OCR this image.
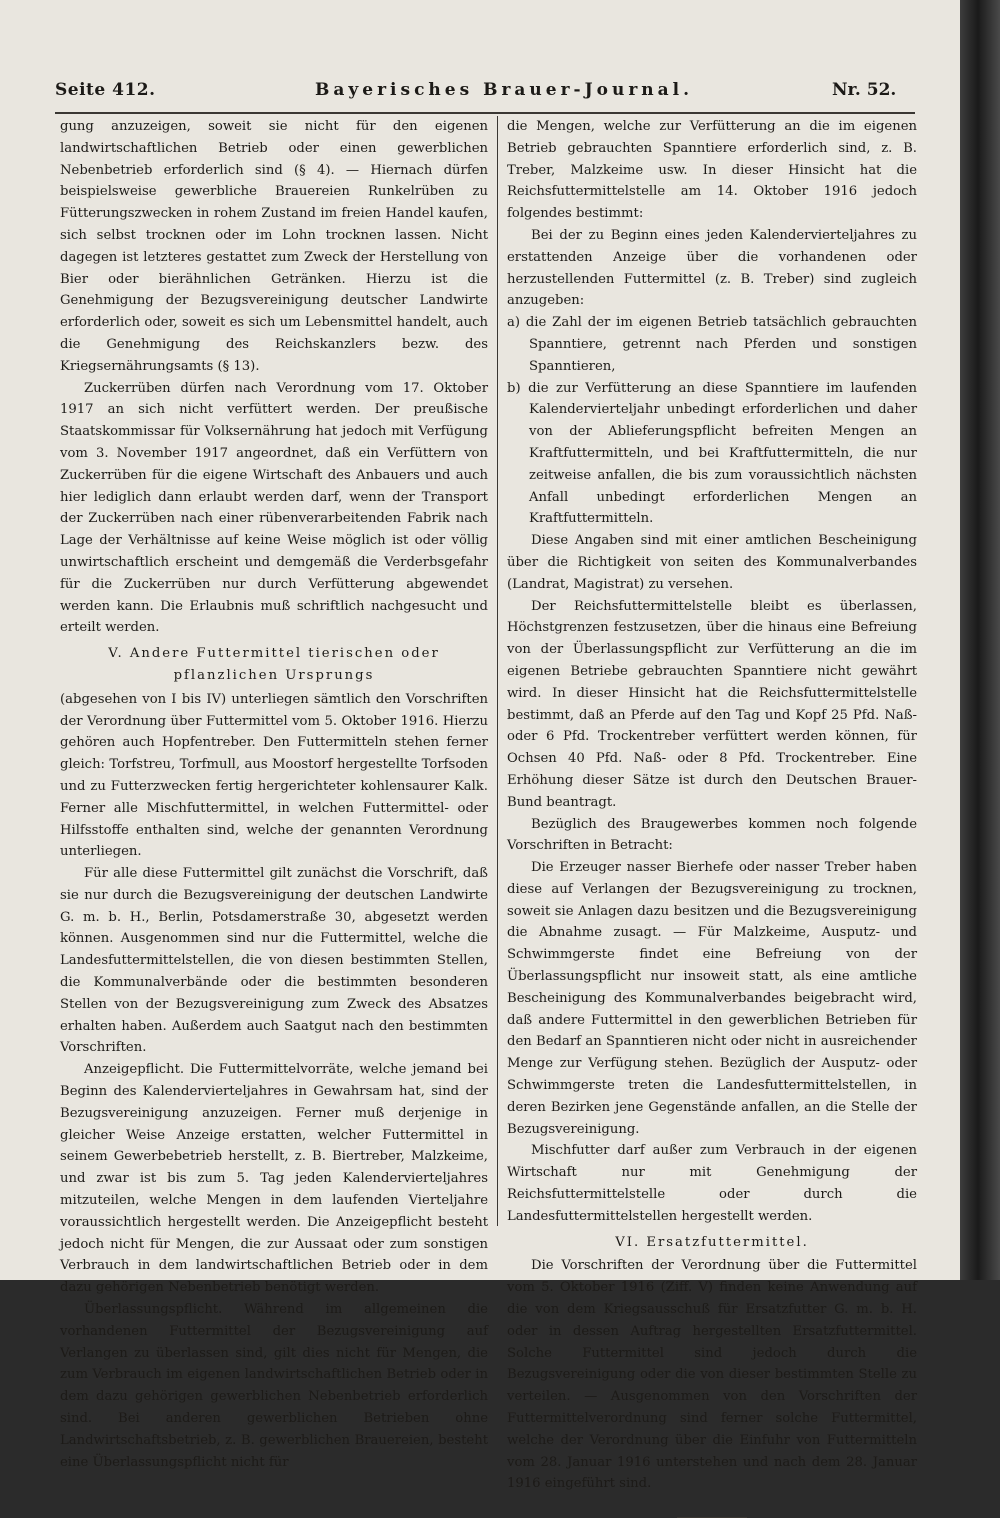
Seite 412.	Bayerisches Brauer-Journal.	Nr. 52.

gung anzuzeigen, soweit sie nicht für den eigenen landwirtschaftlichen Betrieb oder einen gewerblichen Nebenbetrieb erforderlich sind (§ 4). — Hiernach dürfen beispielsweise gewerbliche Brauereien Runkelrüben zu Fütterungszwecken in rohem Zustand im freien Handel kaufen, sich selbst trocknen oder im Lohn trocknen lassen. Nicht dagegen ist letzteres gestattet zum Zweck der Herstellung von Bier oder bierähnlichen Getränken. Hierzu ist die Genehmigung der Bezugsvereinigung deutscher Landwirte erforderlich oder, soweit es sich um Lebensmittel handelt, auch die Genehmigung des Reichskanzlers bezw. des Kriegsernährungsamts (§ 13).

Zuckerrüben dürfen nach Verordnung vom 17. Oktober 1917 an sich nicht verfüttert werden. Der preußische Staatskommissar für Volksernährung hat jedoch mit Verfügung vom 3. November 1917 angeordnet, daß ein Verfüttern von Zuckerrüben für die eigene Wirtschaft des Anbauers und auch hier lediglich dann erlaubt werden darf, wenn der Transport der Zuckerrüben nach einer rübenverarbeitenden Fabrik nach Lage der Verhältnisse auf keine Weise möglich ist oder völlig unwirtschaftlich erscheint und demgemäß die Verderbsgefahr für die Zuckerrüben nur durch Verfütterung abgewendet werden kann. Die Erlaubnis muß schriftlich nachgesucht und erteilt werden.

V. Andere Futtermittel tierischen oder pflanzlichen Ursprungs

(abgesehen von I bis IV) unterliegen sämtlich den Vorschriften der Verordnung über Futtermittel vom 5. Oktober 1916. Hierzu gehören auch Hopfentreber. Den Futtermitteln stehen ferner gleich: Torfstreu, Torfmull, aus Moostorf hergestellte Torfsoden und zu Futterzwecken fertig hergerichteter kohlensaurer Kalk. Ferner alle Mischfuttermittel, in welchen Futtermittel- oder Hilfsstoffe enthalten sind, welche der genannten Verordnung unterliegen.

Für alle diese Futtermittel gilt zunächst die Vorschrift, daß sie nur durch die Bezugsvereinigung der deutschen Landwirte G. m. b. H., Berlin, Potsdamerstraße 30, abgesetzt werden können. Ausgenommen sind nur die Futtermittel, welche die Landesfuttermittelstellen, die von diesen bestimmten Stellen, die Kommunalverbände oder die bestimmten besonderen Stellen von der Bezugsvereinigung zum Zweck des Absatzes erhalten haben. Außerdem auch Saatgut nach den bestimmten Vorschriften.

Anzeigepflicht. Die Futtermittelvorräte, welche jemand bei Beginn des Kalendervierteljahres in Gewahrsam hat, sind der Bezugsvereinigung anzuzeigen. Ferner muß derjenige in gleicher Weise Anzeige erstatten, welcher Futtermittel in seinem Gewerbebetrieb herstellt, z. B. Biertreber, Malzkeime, und zwar ist bis zum 5. Tag jeden Kalendervierteljahres mitzuteilen, welche Mengen in dem laufenden Vierteljahre voraussichtlich hergestellt werden. Die Anzeigepflicht besteht jedoch nicht für Mengen, die zur Aussaat oder zum sonstigen Verbrauch in dem landwirtschaftlichen Betrieb oder in dem dazu gehörigen Nebenbetrieb benötigt werden.

Überlassungspflicht. Während im allgemeinen die vorhandenen Futtermittel der Bezugsvereinigung auf Verlangen zu überlassen sind, gilt dies nicht für Mengen, die zum Verbrauch im eigenen landwirtschaftlichen Betrieb oder in dem dazu gehörigen gewerblichen Nebenbetrieb erforderlich sind. Bei anderen gewerblichen Betrieben ohne Landwirtschaftsbetrieb, z. B. gewerblichen Brauereien, besteht eine Überlassungspflicht nicht für

die Mengen, welche zur Verfütterung an die im eigenen Betrieb gebrauchten Spanntiere erforderlich sind, z. B. Treber, Malzkeime usw. In dieser Hinsicht hat die Reichsfuttermittelstelle am 14. Oktober 1916 jedoch folgendes bestimmt:

Bei der zu Beginn eines jeden Kalendervierteljahres zu erstattenden Anzeige über die vorhandenen oder herzustellenden Futtermittel (z. B. Treber) sind zugleich anzugeben:

a) die Zahl der im eigenen Betrieb tatsächlich gebrauchten Spanntiere, getrennt nach Pferden und sonstigen Spanntieren,

b) die zur Verfütterung an diese Spanntiere im laufenden Kalendervierteljahr unbedingt erforderlichen und daher von der Ablieferungspflicht befreiten Mengen an Kraftfuttermitteln, und bei Kraftfuttermitteln, die nur zeitweise anfallen, die bis zum voraussichtlich nächsten Anfall unbedingt erforderlichen Mengen an Kraftfuttermitteln.

Diese Angaben sind mit einer amtlichen Bescheinigung über die Richtigkeit von seiten des Kommunalverbandes (Landrat, Magistrat) zu versehen.

Der Reichsfuttermittelstelle bleibt es überlassen, Höchstgrenzen festzusetzen, über die hinaus eine Befreiung von der Überlassungspflicht zur Verfütterung an die im eigenen Betriebe gebrauchten Spanntiere nicht gewährt wird. In dieser Hinsicht hat die Reichsfuttermittelstelle bestimmt, daß an Pferde auf den Tag und Kopf 25 Pfd. Naß- oder 6 Pfd. Trockentreber verfüttert werden können, für Ochsen 40 Pfd. Naß- oder 8 Pfd. Trockentreber. Eine Erhöhung dieser Sätze ist durch den Deutschen Brauer-Bund beantragt.

Bezüglich des Braugewerbes kommen noch folgende Vorschriften in Betracht:

Die Erzeuger nasser Bierhefe oder nasser Treber haben diese auf Verlangen der Bezugsvereinigung zu trocknen, soweit sie Anlagen dazu besitzen und die Bezugsvereinigung die Abnahme zusagt. — Für Malzkeime, Ausputz- und Schwimmgerste findet eine Befreiung von der Überlassungspflicht nur insoweit statt, als eine amtliche Bescheinigung des Kommunalverbandes beigebracht wird, daß andere Futtermittel in den gewerblichen Betrieben für den Bedarf an Spanntieren nicht oder nicht in ausreichender Menge zur Verfügung stehen. Bezüglich der Ausputz- oder Schwimmgerste treten die Landesfuttermittelstellen, in deren Bezirken jene Gegenstände anfallen, an die Stelle der Bezugsvereinigung.

Mischfutter darf außer zum Verbrauch in der eigenen Wirtschaft nur mit Genehmigung der Reichsfuttermittelstelle oder durch die Landesfuttermittelstellen hergestellt werden.

VI. Ersatzfuttermittel.

Die Vorschriften der Verordnung über die Futtermittel vom 5. Oktober 1916 (Ziff. V) finden keine Anwendung auf die von dem Kriegsausschuß für Ersatzfutter G. m. b. H. oder in dessen Auftrag hergestellten Ersatzfuttermittel. Solche Futtermittel sind jedoch durch die Bezugsvereinigung oder die von dieser bestimmten Stelle zu verteilen. — Ausgenommen von den Vorschriften der Futtermittelverordnung sind ferner solche Futtermittel, welche der Verordnung über die Einfuhr von Futtermitteln vom 28. Januar 1916 unterstehen und nach dem 28. Januar 1916 eingeführt sind.
